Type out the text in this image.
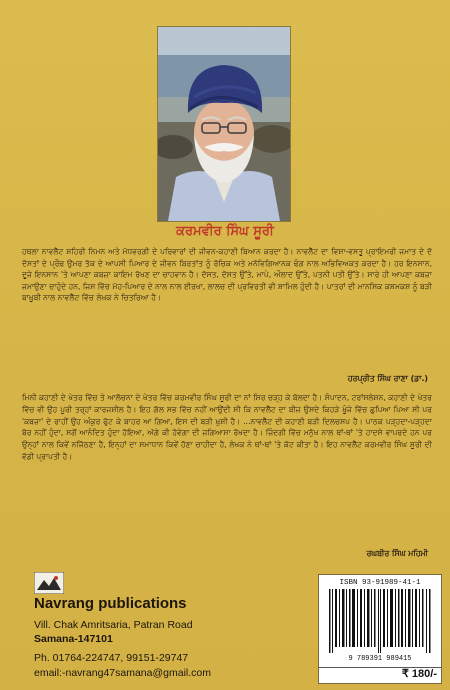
ਕਰਮਵੀਰ ਸਿੰਘ ਸੂਰੀ
ਹਥਲਾ ਨਾਵਲੈੱਟ ਸ਼ਹਿਰੀ ਨਿਮਨ ਅਤੇ ਮੱਧਵਰਗੀ ਦੇ ਪਰਿਵਾਰਾਂ ਦੀ ਜੀਵਨ-ਕਹਾਣੀ ਬਿਆਨ ਕਰਦਾ ਹੈ। ਨਾਵਲੈੱਟ ਦਾ ਵਿਸ਼ਾ-ਵਸਤੂ ਪ੍ਰਾਇਮਰੀ ਜਮਾਤ ਦੇ ਦੋ ਦੋਸਤਾਂ ਦੇ ਪ੍ਰੌਢ਼ ਉਮਰ ਤੱਕ ਦੇ ਆਪਸੀ ਪਿਆਰ ਦੇ ਜੀਵਨ ਬਿਰਤਾਂਤ ਨੂੰ ਰੋਚਿਕ ਅਤੇ ਮਨੋਵਿਗਿਆਨਕ ਢੰਗ ਨਾਲ ਅਭਿਵਿਅਕਤ ਕਰਦਾ ਹੈ। ਹਰ ਇਨਸਾਨ, ਦੂਜੇ ਇਨਸਾਨ 'ਤੇ ਆਪਣਾ ਕਬਜ਼ਾ ਕਾਇਮ ਰੱਖਣ ਦਾ ਚਾਹਵਾਨ ਹੈ। ਦੋਸਤ, ਦੋਸਤ ਉੱਤੇ, ਮਾਪੇ, ਔਲਾਦ ਉੱਤੇ, ਪਤਨੀ ਪਤੀ ਉੱਤੇ। ਸਾਰੇ ਹੀ ਆਪਣਾ ਕਬਜ਼ਾ ਜਮਾਉਣਾ ਚਾਹੁੰਦੇ ਹਨ, ਜਿਸ ਵਿੱਚ ਮੋਹ-ਪਿਆਰ ਦੇ ਨਾਲ ਨਾਲ ਈਰਖਾ, ਲਾਲਚ ਦੀ ਪ੍ਰਵਿਰਤੀ ਵੀ ਸ਼ਾਮਿਲ ਹੁੰਦੀ ਹੈ। ਪਾਤਰਾਂ ਦੀ ਮਾਨਸਿਕ ਕਸ਼ਮਕਸ਼ ਨੂੰ ਬੜੀ ਬਾਖ਼ੂਬੀ ਨਾਲ ਨਾਵਲੈੱਟ ਵਿੱਚ ਲੇਖਕ ਨੇ ਚਿਤਰਿਆ ਹੈ।
ਹਰਪ੍ਰੀਤ ਸਿੰਘ ਰਾਣਾ (ਡਾ.)
ਮਿਨੀ ਕਹਾਣੀ ਦੇ ਖੇਤਰ ਵਿੱਚ ਤੇ ਆਲੋਚਨਾ ਦੇ ਖੇਤਰ ਵਿੱਚ ਕਰਮਵੀਰ ਸਿੰਘ ਸੂਰੀ ਦਾ ਨਾਂ ਸਿਰ ਚੜ੍ਹ ਕੇ ਬੋਲਦਾ ਹੈ। ਸੰਪਾਦਨ, ਟਰਾਂਸਲੇਸ਼ਨ, ਕਹਾਣੀ ਦੇ ਖੇਤਰ ਵਿੱਚ ਵੀ ਉਹ ਪੂਰੀ ਤਰ੍ਹਾਂ ਕਾਰਜਸ਼ੀਲ ਹੈ। ਇਹ ਗੱਲ ਸਭ ਵਿੱਚ ਨਹੀਂ ਆਉਂਦੀ ਸੀ ਕਿ ਨਾਵਲੈੱਟ ਦਾ ਬੀਜ ਉਸਦੇ ਕਿਹੜੇ ਖ਼ੂੰਜੇ ਵਿੱਚ ਛੁਪਿਆ ਪਿਆ ਸੀ ਪਰ 'ਕਬਜ਼ਾ' ਦੇ ਰਾਹੀਂ ਉਹ ਅੰਕੁਰ ਫੁੱਟ ਕੇ ਬਾਹਰ ਆ ਗਿਆ, ਇਸ ਦੀ ਬੜੀ ਖ਼ੁਸ਼ੀ ਹੈ। ...ਨਾਵਲੈੱਟ ਦੀ ਕਹਾਣੀ ਬੜੀ ਦਿਲਚਸਪ ਹੈ। ਪਾਠਕ ਪੜ੍ਹਦਾ-ਪੜ੍ਹਦਾ ਬੋਰ ਨਹੀਂ ਹੁੰਦਾ, ਸਗੋਂ ਆਨੰਦਿਤ ਹੁੰਦਾ ਹੋਇਆ, ਅੱਗੇ ਕੀ ਹੋਵੇਗਾ ਦੀ ਜਗਿਆਸਾ ਰੱਖਦਾ ਹੈ। ਜ਼ਿੰਦਗੀ ਵਿੱਚ ਮਨੁੱਖ ਨਾਲ ਥਾਂ-ਥਾਂ 'ਤੇ ਹਾਦਸੇ ਵਾਪਰਦੇ ਹਨ ਪਰ ਉਨ੍ਹਾਂ ਨਾਲ ਕਿਵੇਂ ਨਜਿੱਠਣਾ ਹੈ, ਇਨ੍ਹਾਂ ਦਾ ਸਮਾਧਾਨ ਕਿਵੇਂ ਹੋਣਾ ਚਾਹੀਦਾ ਹੈ, ਲੇਖਕ ਨੇ ਥਾਂ-ਥਾਂ 'ਤੇ ਕੋਟ ਕੀਤਾ ਹੈ। ਇਹ ਨਾਵਲੈੱਟ ਕਰਮਵੀਰ ਸਿੰਘ ਸੂਰੀ ਦੀ ਵੱਡੀ ਪ੍ਰਾਪਤੀ ਹੈ।
ਰਘਬੀਰ ਸਿੰਘ ਮਹਿਮੀ
Navrang publications
Vill. Chak Amritsaria, Patran Road
Samana-147101
Ph. 01764-224747, 99151-29747
email:-navrang47samana@gmail.com
ISBN 93-91989-41-1
9 789391 989415
₹ 180/-
